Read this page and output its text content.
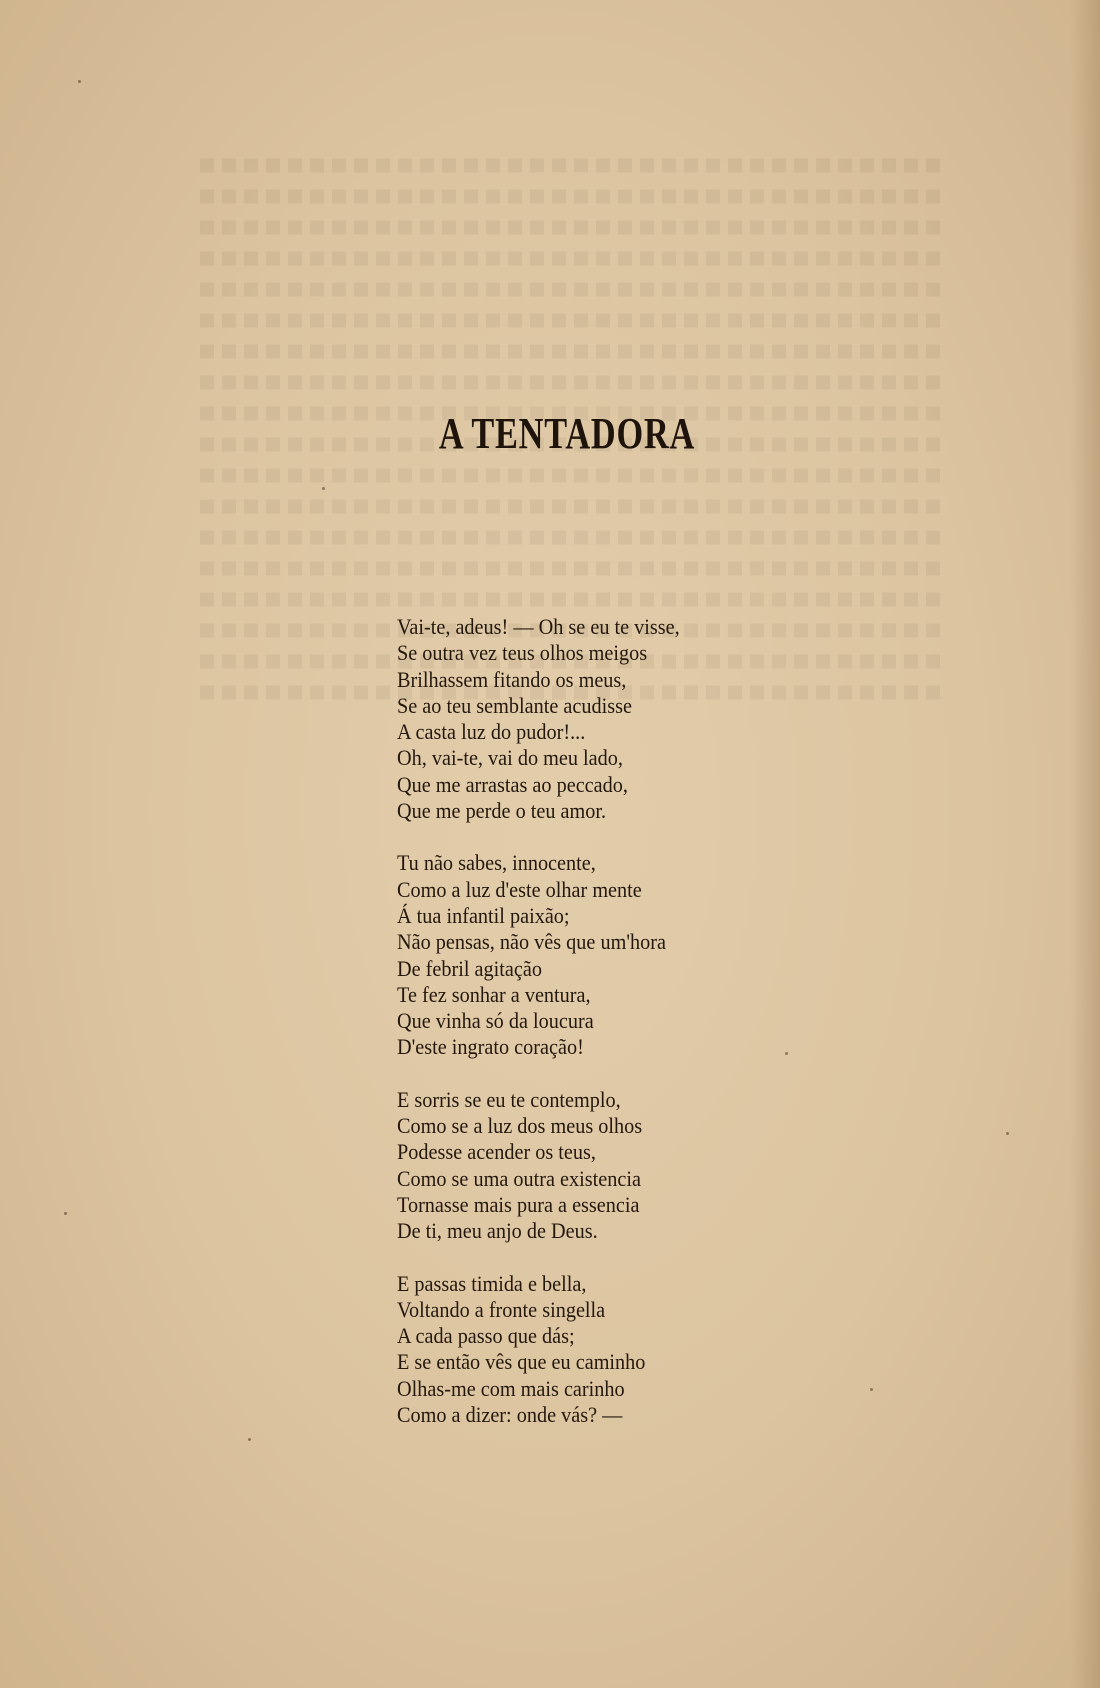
A TENTADORA
Vai-te, adeus! — Oh se eu te visse,
Se outra vez teus olhos meigos
Brilhassem fitando os meus,
Se ao teu semblante acudisse
A casta luz do pudor!...
Oh, vai-te, vai do meu lado,
Que me arrastas ao peccado,
Que me perde o teu amor.
Tu não sabes, innocente,
Como a luz d'este olhar mente
Á tua infantil paixão;
Não pensas, não vês que um'hora
De febril agitação
Te fez sonhar a ventura,
Que vinha só da loucura
D'este ingrato coração!
E sorris se eu te contemplo,
Como se a luz dos meus olhos
Podesse acender os teus,
Como se uma outra existencia
Tornasse mais pura a essencia
De ti, meu anjo de Deus.
E passas timida e bella,
Voltando a fronte singella
A cada passo que dás;
E se então vês que eu caminho
Olhas-me com mais carinho
Como a dizer: onde vás? —
